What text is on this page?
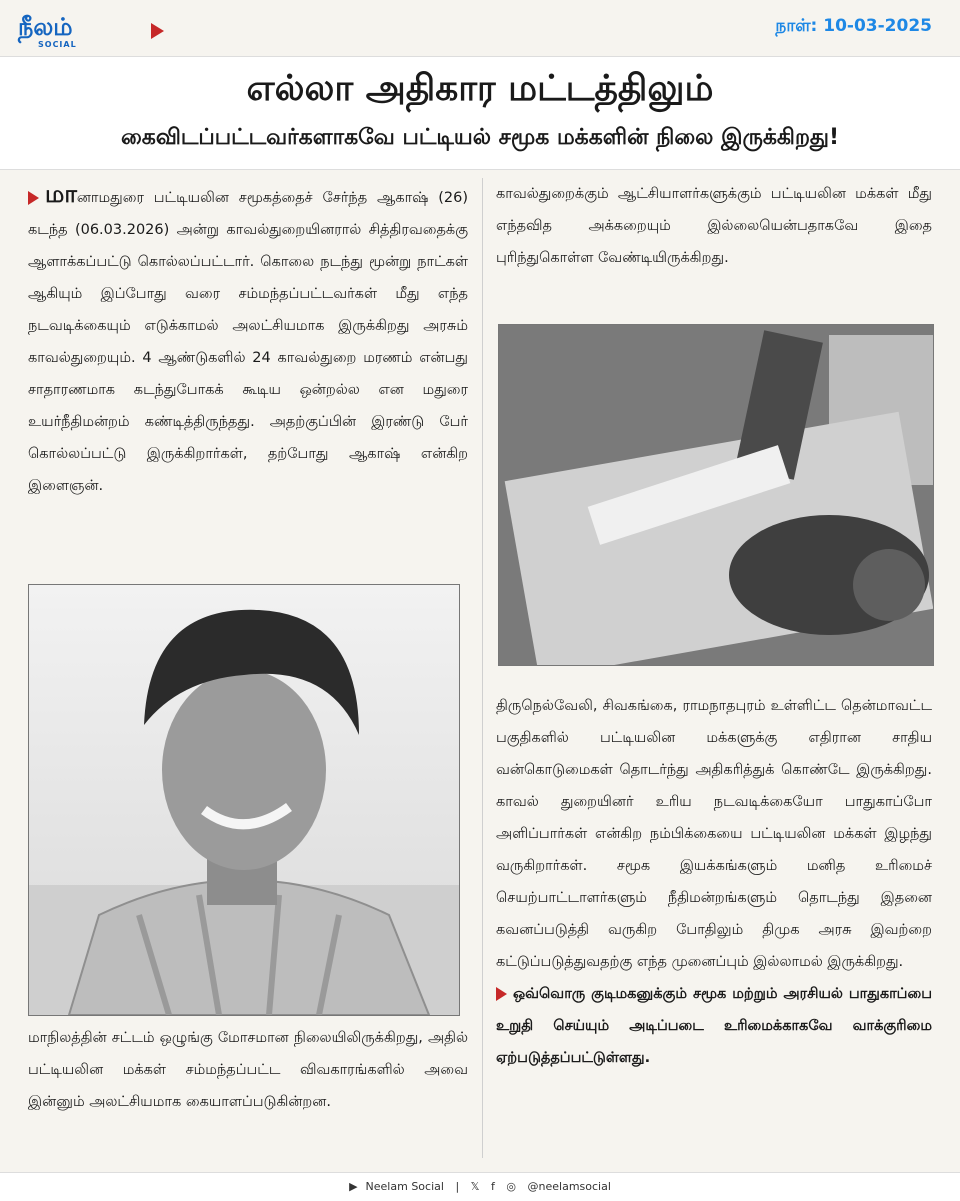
நீலம்
SOCIAL
நாள்: 10-03-2025
எல்லா அதிகார மட்டத்திலும்
கைவிடப்பட்டவர்களாகவே பட்டியல் சமூக மக்களின் நிலை இருக்கிறது!

மானாமதுரை பட்டியலின சமூகத்தைச் சேர்ந்த ஆகாஷ் (26) கடந்த (06.03.2026) அன்று காவல்துறையினரால் சித்திரவதைக்கு ஆளாக்கப்பட்டு கொல்லப்பட்டார். கொலை நடந்து மூன்று நாட்கள் ஆகியும் இப்போது வரை சம்மந்தப்பட்டவர்கள் மீது எந்த நடவடிக்கையும் எடுக்காமல் அலட்சியமாக இருக்கிறது அரசும் காவல்துறையும். 4 ஆண்டுகளில் 24 காவல்துறை மரணம் என்பது சாதாரணமாக கடந்துபோகக் கூடிய ஒன்றல்ல என மதுரை உயர்நீதிமன்றம் கண்டித்திருந்தது. அதற்குப்பின் இரண்டு பேர் கொல்லப்பட்டு இருக்கிறார்கள், தற்போது ஆகாஷ் என்கிற இளைஞன்.

மாநிலத்தின் சட்டம் ஒழுங்கு மோசமான நிலையிலிருக்கிறது, அதில் பட்டியலின மக்கள் சம்மந்தப்பட்ட விவகாரங்களில் அவை இன்னும் அலட்சியமாக கையாளப்படுகின்றன.

காவல்துறைக்கும் ஆட்சியாளர்களுக்கும் பட்டியலின மக்கள் மீது எந்தவித அக்கறையும் இல்லையென்பதாகவே இதை புரிந்துகொள்ள வேண்டியிருக்கிறது.

திருநெல்வேலி, சிவகங்கை, ராமநாதபுரம் உள்ளிட்ட தென்மாவட்ட பகுதிகளில் பட்டியலின மக்களுக்கு எதிரான சாதிய வன்கொடுமைகள் தொடர்ந்து அதிகரித்துக் கொண்டே இருக்கிறது. காவல் துறையினர் உரிய நடவடிக்கையோ பாதுகாப்போ அளிப்பார்கள் என்கிற நம்பிக்கையை பட்டியலின மக்கள் இழந்து வருகிறார்கள். சமூக இயக்கங்களும் மனித உரிமைச் செயற்பாட்டாளர்களும் நீதிமன்றங்களும் தொடந்து இதனை கவனப்படுத்தி வருகிற போதிலும் திமுக அரசு இவற்றை கட்டுப்படுத்துவதற்கு எந்த முனைப்பும் இல்லாமல் இருக்கிறது.

ஒவ்வொரு குடிமகனுக்கும் சமூக மற்றும் அரசியல் பாதுகாப்பை உறுதி செய்யும் அடிப்படை உரிமைக்காகவே வாக்குரிமை ஏற்படுத்தப்பட்டுள்ளது.

▶ Neelam Social | 𝕏 f ◎ @neelamsocial
